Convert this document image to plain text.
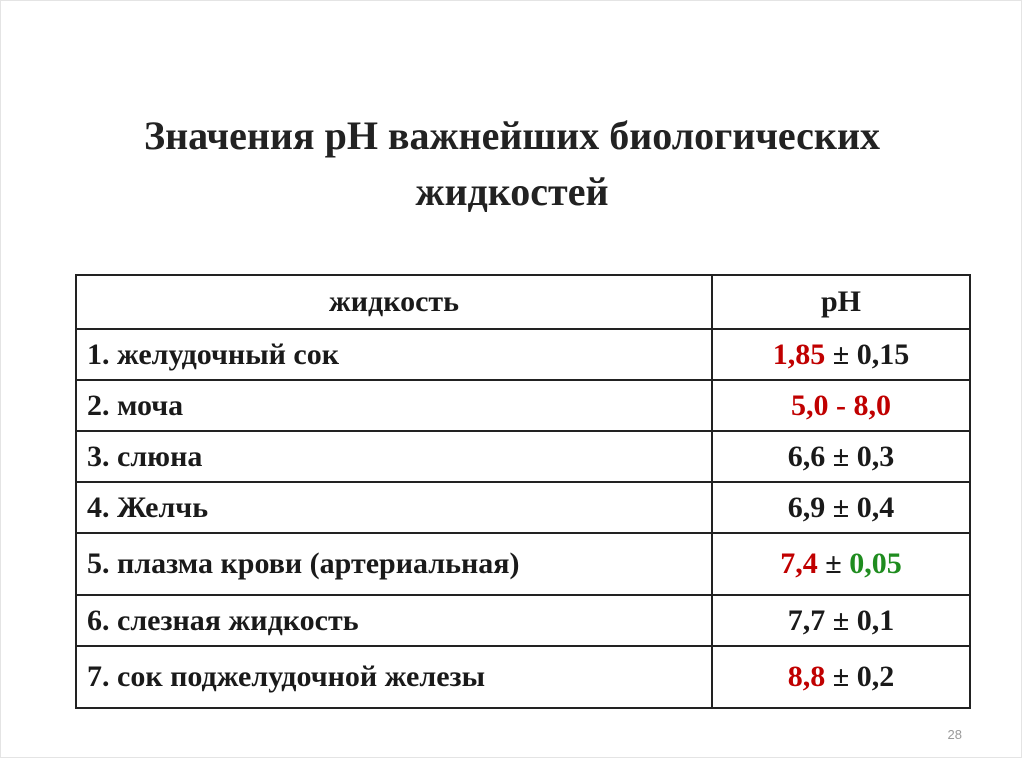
Значения рН важнейших биологических
жидкостей
жидкость	рН
1. желудочный сок	1,85 ± 0,15
2. моча	5,0 - 8,0
3. слюна	6,6 ± 0,3
4. Желчь	6,9 ± 0,4
5. плазма крови (артериальная)	7,4 ± 0,05
6. слезная жидкость	7,7 ± 0,1
7. сок поджелудочной железы	8,8 ± 0,2
28
